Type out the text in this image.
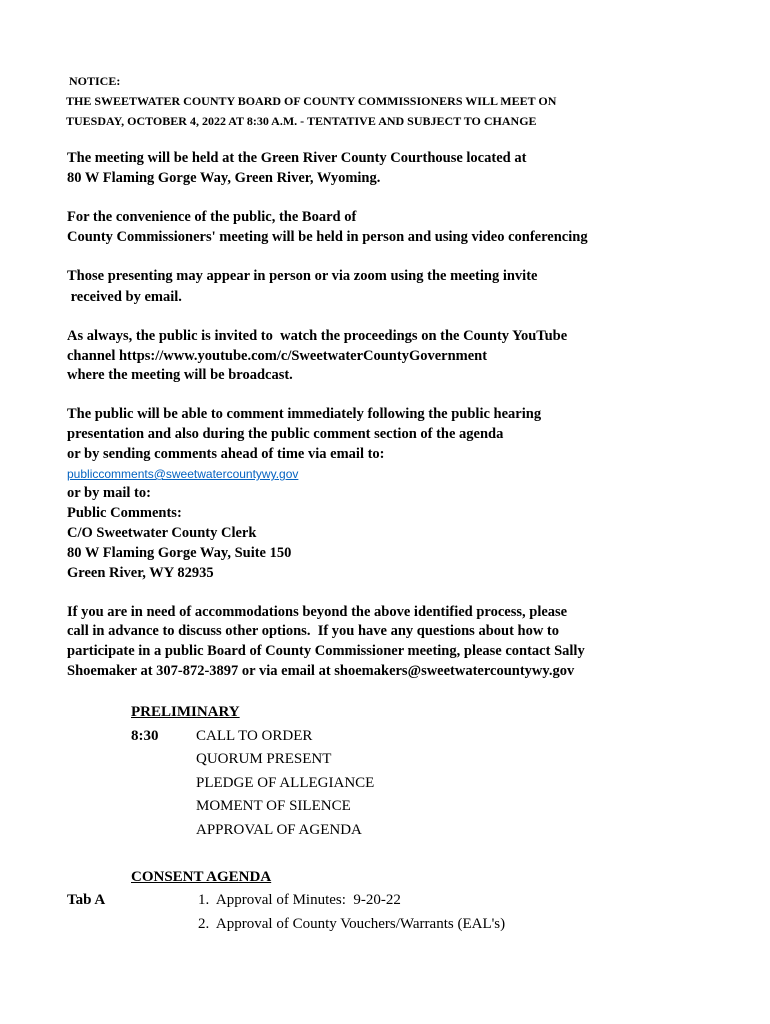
NOTICE:
THE SWEETWATER COUNTY BOARD OF COUNTY COMMISSIONERS WILL MEET ON
TUESDAY, OCTOBER 4, 2022 AT 8:30 A.M. - TENTATIVE AND SUBJECT TO CHANGE
The meeting will be held at the Green River County Courthouse located at
80 W Flaming Gorge Way, Green River, Wyoming.
For the convenience of the public, the Board of
County Commissioners' meeting will be held in person and using video conferencing
Those presenting may appear in person or via zoom using the meeting invite
received by email.
As always, the public is invited to  watch the proceedings on the County YouTube
channel https://www.youtube.com/c/SweetwaterCountyGovernment
where the meeting will be broadcast.
The public will be able to comment immediately following the public hearing
presentation and also during the public comment section of the agenda
or by sending comments ahead of time via email to:
publiccomments@sweetwatercountywy.gov
or by mail to:
Public Comments:
C/O Sweetwater County Clerk
80 W Flaming Gorge Way, Suite 150
Green River, WY 82935
If you are in need of accommodations beyond the above identified process, please
call in advance to discuss other options.  If you have any questions about how to
participate in a public Board of County Commissioner meeting, please contact Sally
Shoemaker at 307-872-3897 or via email at shoemakers@sweetwatercountywy.gov
PRELIMINARY
8:30	CALL TO ORDER
QUORUM PRESENT
PLEDGE OF ALLEGIANCE
MOMENT OF SILENCE
APPROVAL OF AGENDA
CONSENT AGENDA
Tab A	1.  Approval of Minutes:  9-20-22
2.  Approval of County Vouchers/Warrants (EAL's)
